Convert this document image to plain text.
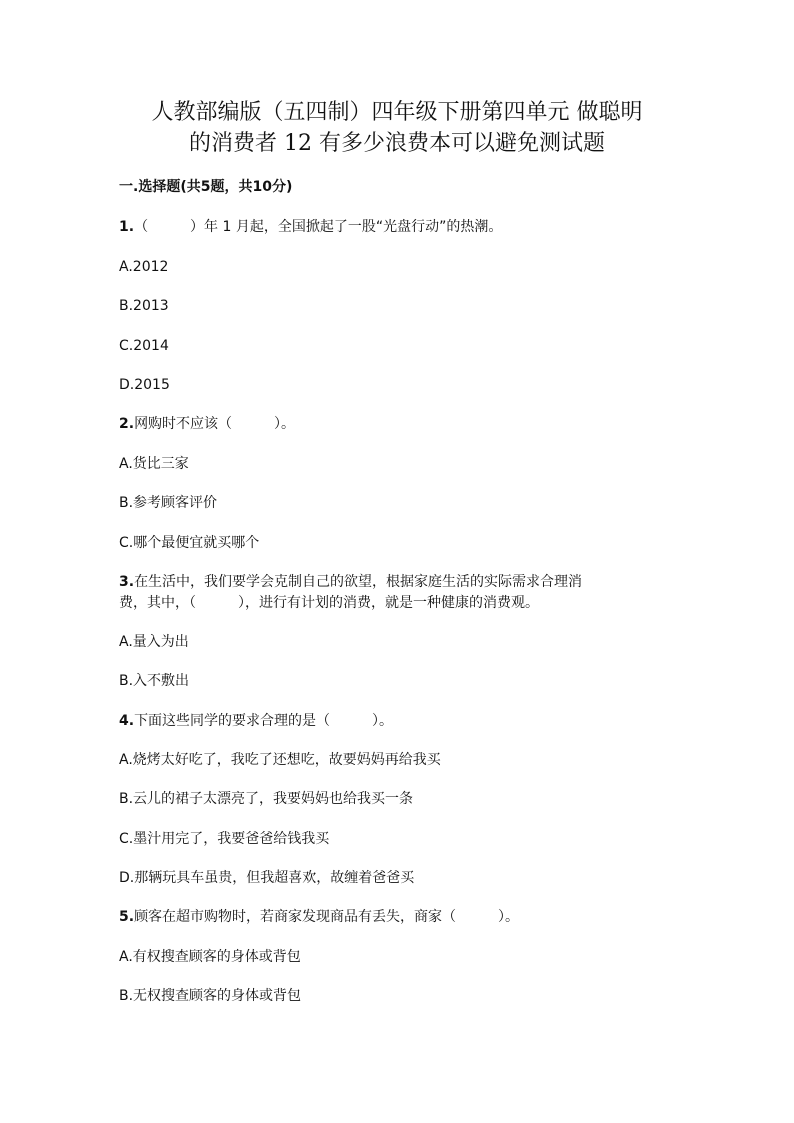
人教部编版（五四制）四年级下册第四单元 做聪明
的消费者 12 有多少浪费本可以避免测试题
一.选择题(共5题，共10分)
1.（　　　）年 1 月起，全国掀起了一股“光盘行动”的热潮。
A.2012
B.2013
C.2014
D.2015
2.网购时不应该（　　　）。
A.货比三家
B.参考顾客评价
C.哪个最便宜就买哪个
3.在生活中，我们要学会克制自己的欲望，根据家庭生活的实际需求合理消
费，其中，（　　　），进行有计划的消费，就是一种健康的消费观。
A.量入为出
B.入不敷出
4.下面这些同学的要求合理的是（　　　）。
A.烧烤太好吃了，我吃了还想吃，故要妈妈再给我买
B.云儿的裙子太漂亮了，我要妈妈也给我买一条
C.墨汁用完了，我要爸爸给钱我买
D.那辆玩具车虽贵，但我超喜欢，故缠着爸爸买
5.顾客在超市购物时，若商家发现商品有丢失，商家（　　　）。
A.有权搜查顾客的身体或背包
B.无权搜查顾客的身体或背包
